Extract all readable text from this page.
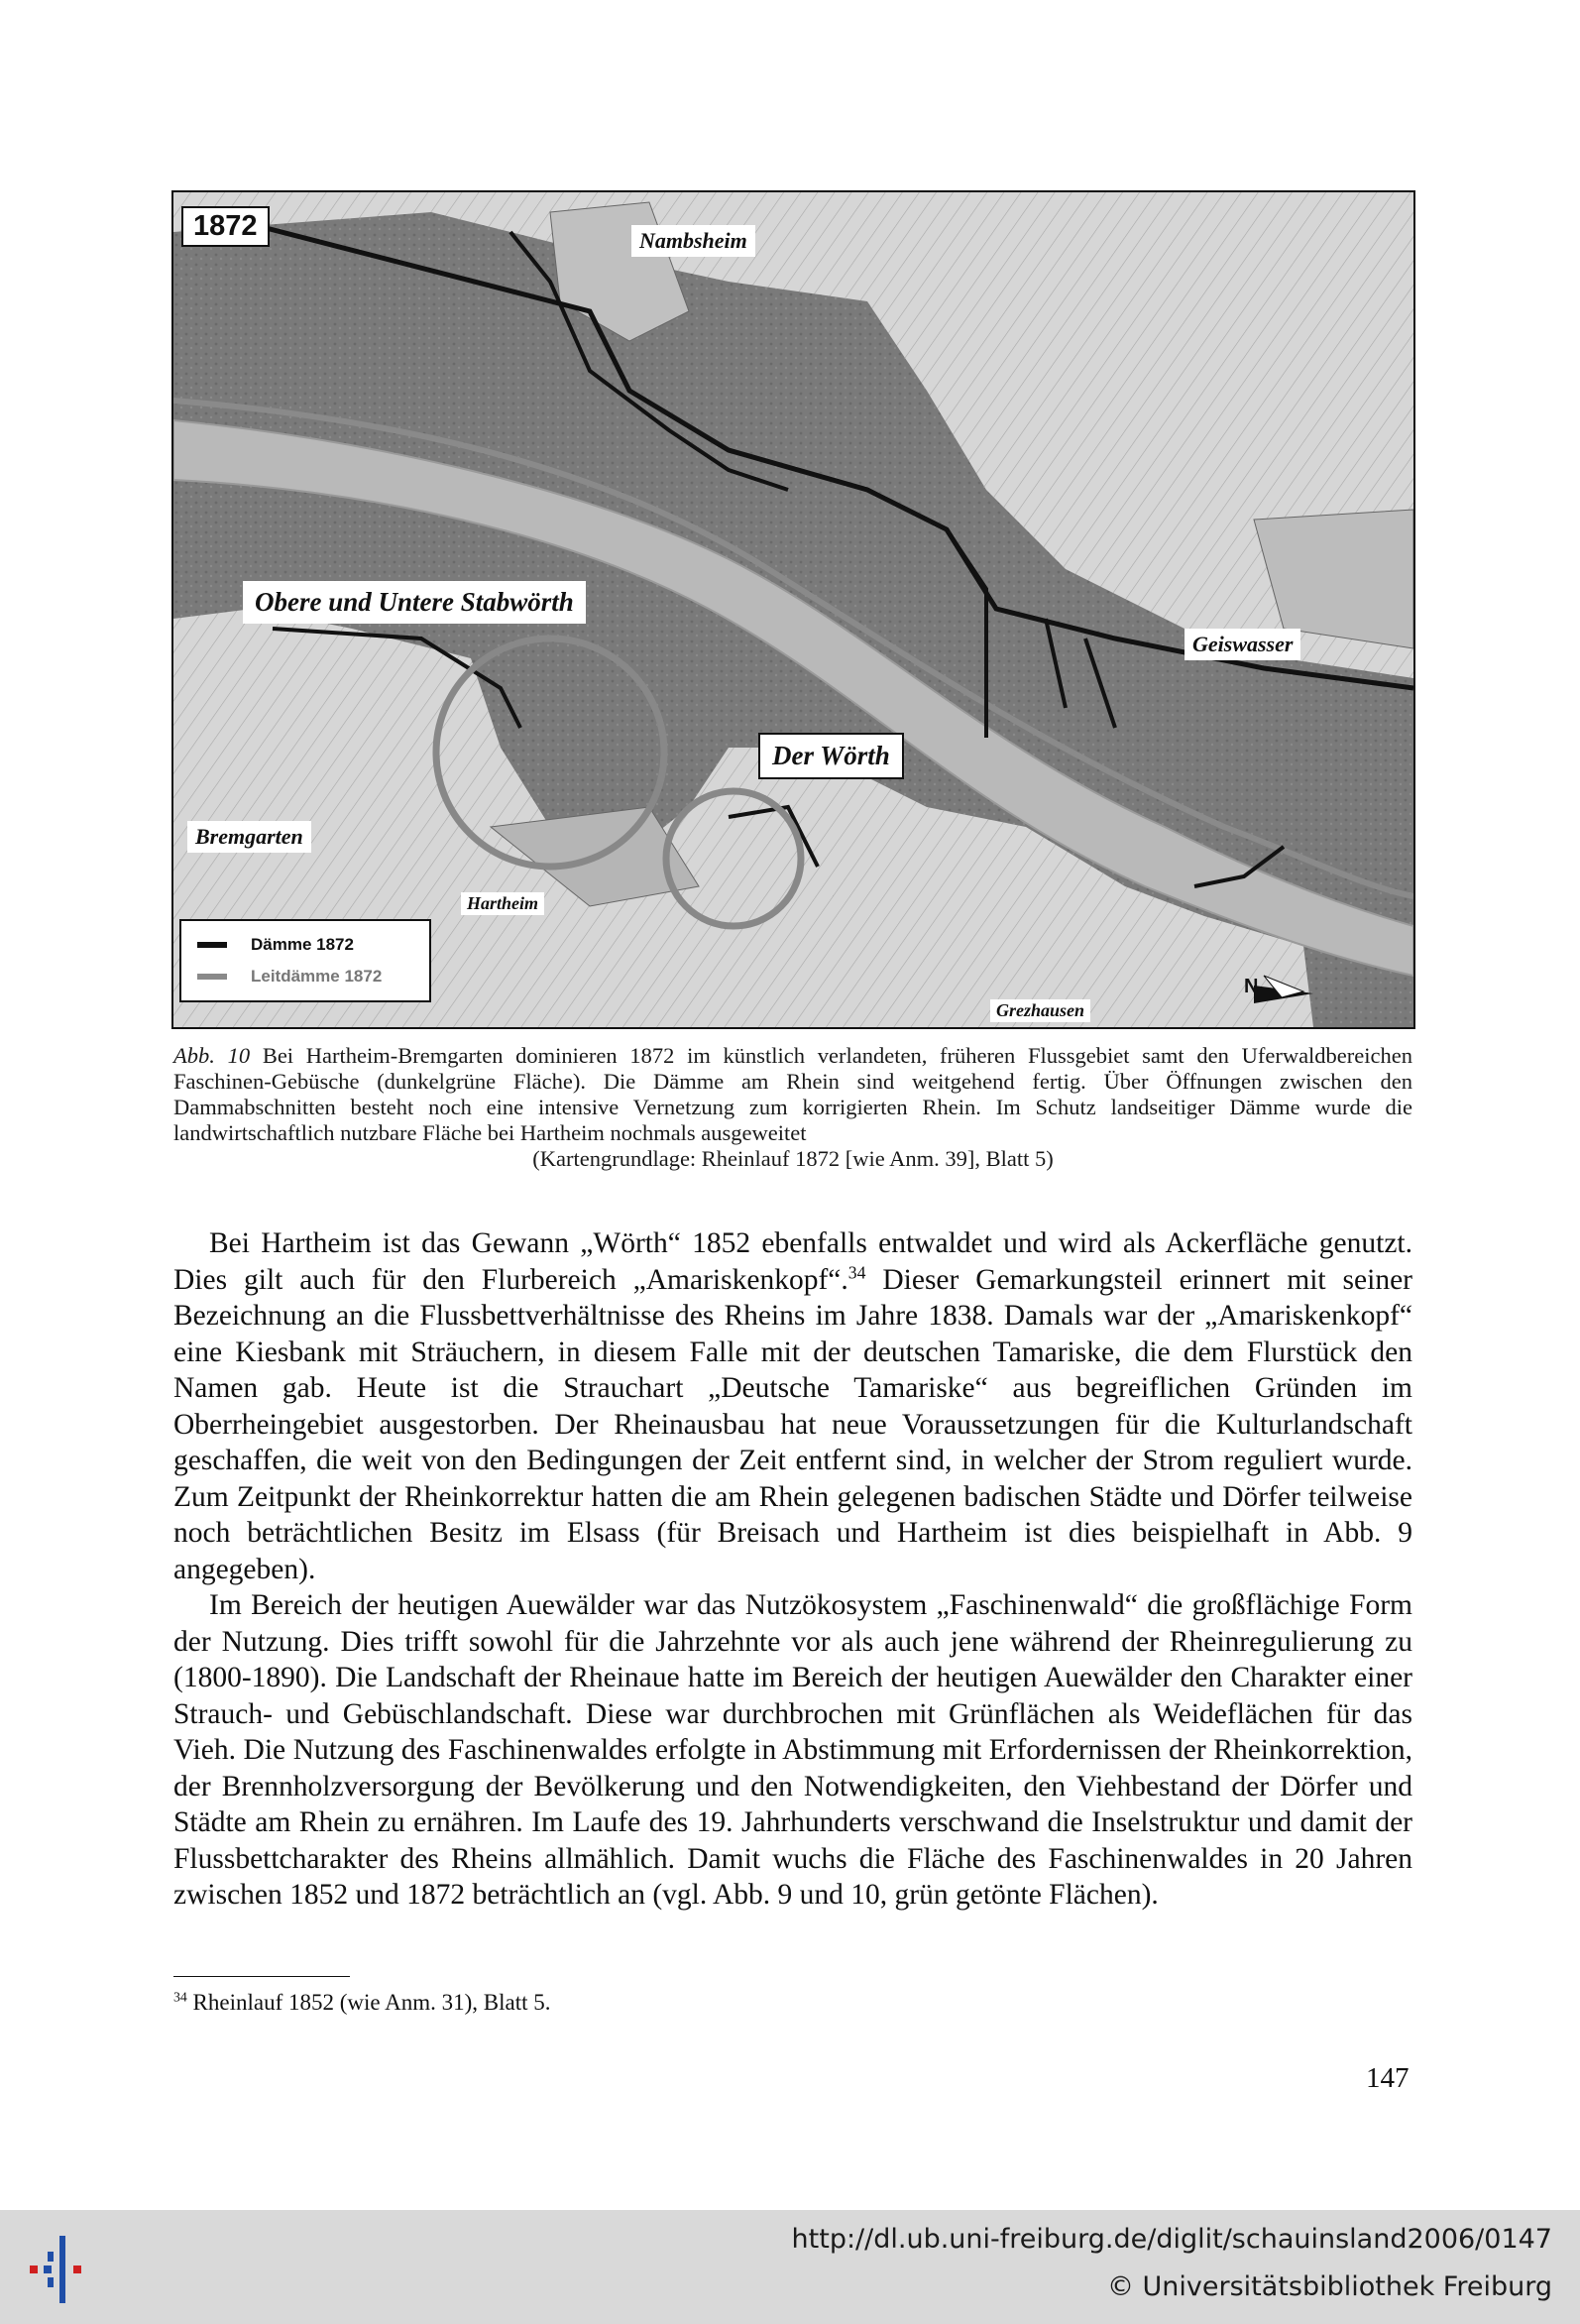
1872	Nambsheim
Obere und Untere Stabwörth
Geiswasser
Der Wörth
Bremgarten
Hartheim
Grezhausen
Dämme 1872
Leitdämme 1872	N
Abb. 10 Bei Hartheim-Bremgarten dominieren 1872 im künstlich verlandeten, früheren Flussgebiet samt den Uferwaldbereichen Faschinen-Gebüsche (dunkelgrüne Fläche). Die Dämme am Rhein sind weitgehend fertig. Über Öffnungen zwischen den Dammabschnitten besteht noch eine intensive Vernetzung zum korrigierten Rhein. Im Schutz landseitiger Dämme wurde die landwirtschaftlich nutzbare Fläche bei Hartheim nochmals ausgeweitet
(Kartengrundlage: Rheinlauf 1872 [wie Anm. 39], Blatt 5)

Bei Hartheim ist das Gewann „Wörth“ 1852 ebenfalls entwaldet und wird als Ackerfläche genutzt. Dies gilt auch für den Flurbereich „Amariskenkopf“.$^{34}$ Dieser Gemarkungsteil erinnert mit seiner Bezeichnung an die Flussbettverhältnisse des Rheins im Jahre 1838. Damals war der „Amariskenkopf“ eine Kiesbank mit Sträuchern, in diesem Falle mit der deutschen Tamariske, die dem Flurstück den Namen gab. Heute ist die Strauchart „Deutsche Tamariske“ aus begreiflichen Gründen im Oberrheingebiet ausgestorben. Der Rheinausbau hat neue Voraussetzungen für die Kulturlandschaft geschaffen, die weit von den Bedingungen der Zeit entfernt sind, in welcher der Strom reguliert wurde. Zum Zeitpunkt der Rheinkorrektur hatten die am Rhein gelegenen badischen Städte und Dörfer teilweise noch beträchtlichen Besitz im Elsass (für Breisach und Hartheim ist dies beispielhaft in Abb. 9 angegeben).

Im Bereich der heutigen Auewälder war das Nutzökosystem „Faschinenwald“ die großflächige Form der Nutzung. Dies trifft sowohl für die Jahrzehnte vor als auch jene während der Rheinregulierung zu (1800-1890). Die Landschaft der Rheinaue hatte im Bereich der heutigen Auewälder den Charakter einer Strauch- und Gebüschlandschaft. Diese war durchbrochen mit Grünflächen als Weideflächen für das Vieh. Die Nutzung des Faschinenwaldes erfolgte in Abstimmung mit Erfordernissen der Rheinkorrektion, der Brennholzversorgung der Bevölkerung und den Notwendigkeiten, den Viehbestand der Dörfer und Städte am Rhein zu ernähren. Im Laufe des 19. Jahrhunderts verschwand die Inselstruktur und damit der Flussbettcharakter des Rheins allmählich. Damit wuchs die Fläche des Faschinenwaldes in 20 Jahren zwischen 1852 und 1872 beträchtlich an (vgl. Abb. 9 und 10, grün getönte Flächen).

$^{34}$ Rheinlauf 1852 (wie Anm. 31), Blatt 5.
147
http://dl.ub.uni-freiburg.de/diglit/schauinsland2006/0147
© Universitätsbibliothek Freiburg
